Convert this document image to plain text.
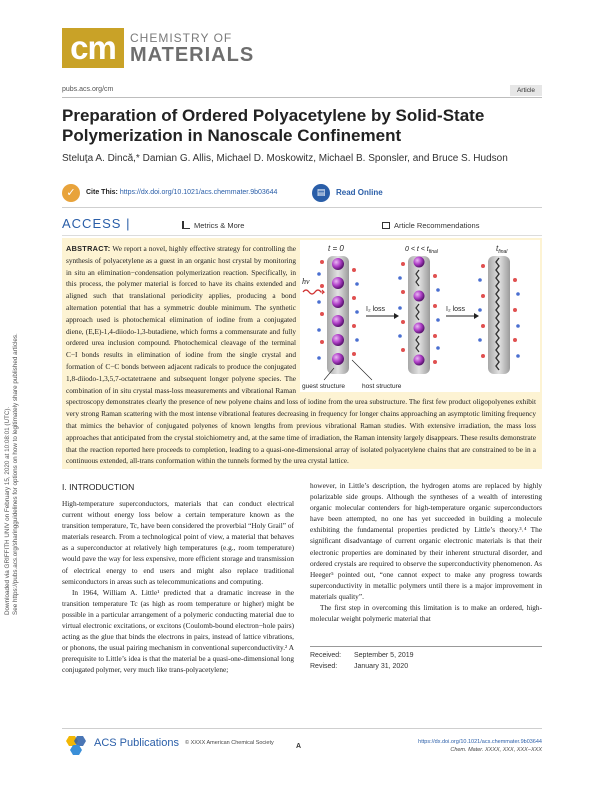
Downloaded via GRIFFITH UNIV on February 15, 2020 at 10:08:01 (UTC). See https://pubs.acs.org/sharingguidelines for options on how to legitimately share published articles.
cm	CHEMISTRY OF
MATERIALS
pubs.acs.org/cm	Article
Preparation of Ordered Polyacetylene by Solid-State Polymerization in Nanoscale Confinement
Steluţa A. Dincă,* Damian G. Allis, Michael D. Moskowitz, Michael B. Sponsler, and Bruce S. Hudson
✓	Cite This: https://dx.doi.org/10.1021/acs.chemmater.9b03644	▤	Read Online
ACCESS |	Metrics & More	Article Recommendations
ABSTRACT: We report a novel, highly effective strategy for controlling the synthesis of polyacetylene as a guest in an organic host crystal by monitoring in situ an elimination−condensation polymerization reaction. Specifically, in this process, the polymer material is forced to have its chains extended and aligned such that translational periodicity applies, producing a bond alternation potential that has a symmetric double minimum. The synthetic approach used is photochemical elimination of iodine from a conjugated diene, (E,E)-1,4-diiodo-1,3-butadiene, which forms a commensurate and fully ordered urea inclusion compound. Photochemical cleavage of the terminal C−I bonds results in elimination of iodine from the single crystal and formation of C−C bonds between adjacent radicals to produce the conjugated 1,8-diiodo-1,3,5,7-octatetraene and subsequent longer polyene species. The combination of in situ crystal mass-loss measurements and vibrational Raman spectroscopy demonstrates clearly the presence of new polyene chains and loss of iodine from the urea substructure. The first few product oligopolyenes exhibit very strong Raman scattering with the most intense vibrational features decreasing in frequency for longer chains approaching an asymptotic limiting frequency that mimics the behavior of conjugated polyenes of known lengths from previous vibrational Raman studies. With extensive irradiation, the mass loss approaches that anticipated from the crystal stoichiometry and, at the same time of irradiation, the Raman intensity largely disappears. These results demonstrate that the reaction reported here proceeds to completion, leading to a quasi-one-dimensional array of isolated polyacetylene chains that are constrained to be in a continuous extended, all-trans conformation within the tunnels formed by the urea crystal lattice.
t = 0	$0 < t < t_{final}$	$t_{final}$
hν
I₂ loss	I₂ loss
guest structure	host structure
I. INTRODUCTION

High-temperature superconductors, materials that can conduct electrical current without energy loss below a certain temperature known as the transition temperature, Tc, have been considered the proverbial “Holy Grail” of materials research. From a technological point of view, a material that behaves as a superconductor at relatively high temperatures (e.g., room temperature) would pave the way for less expensive, more efficient storage and transmission of electrical energy to end users and might also replace traditional semiconductors in areas such as telecommunications and computing.

In 1964, William A. Little¹ predicted that a dramatic increase in the transition temperature Tc (as high as room temperature or higher) might be possible in a particular arrangement of a polymeric conducting material due to virtual electronic excitations, or excitons (Coulomb-bound electron−hole pairs) acting as the glue that binds the electrons in pairs, instead of lattice vibrations, or phonons, the usual pairing mechanism in conventional superconductivity.² A prerequisite to Little’s idea is that the material be a quasi-one-dimensional long conjugated polymer, very much like trans-polyacetylene;

however, in Little’s description, the hydrogen atoms are replaced by highly polarizable side groups. Although the syntheses of a wealth of interesting organic molecular contenders for high-temperature organic superconductors have been attempted, no one has yet succeeded in building a molecule exhibiting the fundamental properties predicted by Little’s theory.³˒⁴ The significant disadvantage of current organic electronic materials is that their electronic properties are dominated by their inherent structural disorder, and ordered crystals are required to observe the superconductivity phenomenon. As Heeger⁵ pointed out, “one cannot expect to make any progress towards superconductivity in metallic polymers until there is a major improvement in materials quality”.

The first step in overcoming this limitation is to make an ordered, high-molecular weight polymeric material that

Received: September 5, 2019
Revised: January 31, 2020
ACS Publications © XXXX American Chemical Society	A
https://dx.doi.org/10.1021/acs.chemmater.9b03644
Chem. Mater. XXXX, XXX, XXX−XXX
